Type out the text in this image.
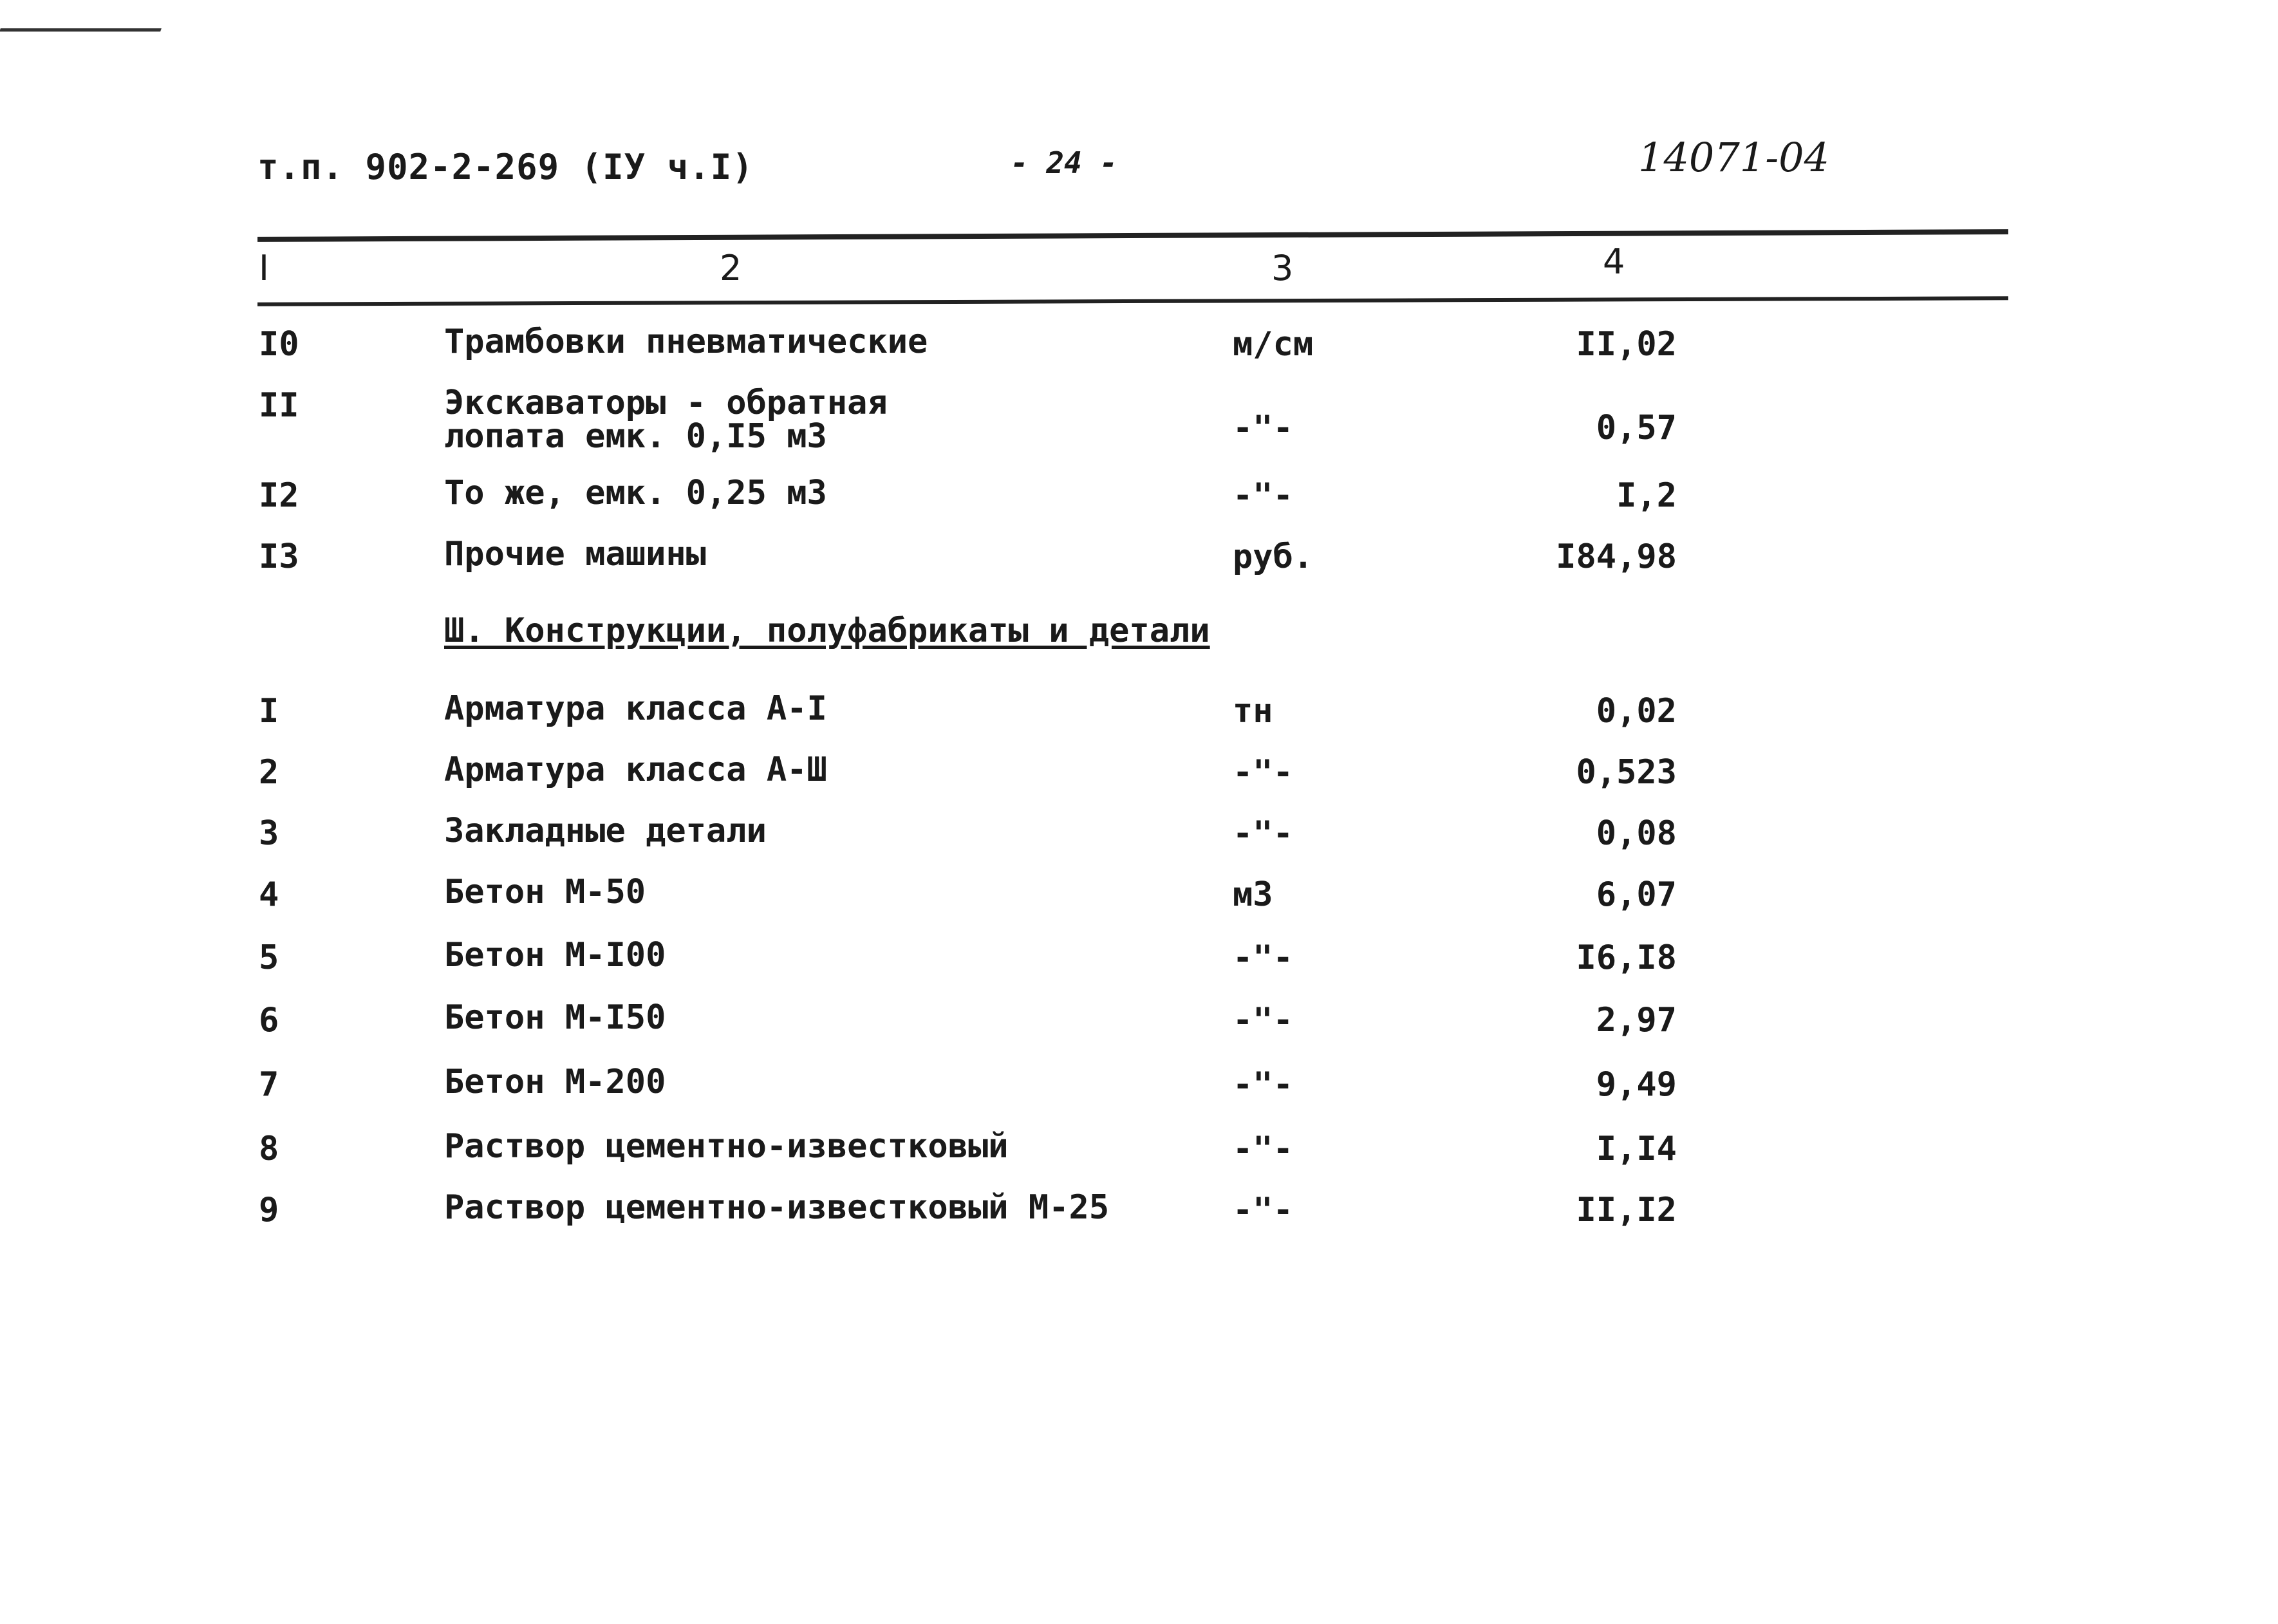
т.п. 902-2-269 (IУ ч.I)	- 24 -	14071-04
I	2	3	4
I0	Трамбовки пневматические	м/см	II,02
II	Экскаваторы - обратная лопата емк. 0,I5 м3	-"-	0,57
I2	То же, емк. 0,25 м3	-"-	I,2
I3	Прочие машины	руб.	I84,98
Ш. Конструкции, полуфабрикаты и детали
I	Арматура класса А-I	тн	0,02
2	Арматура класса А-Ш	-"-	0,523
3	Закладные детали	-"-	0,08
4	Бетон М-50	м3	6,07
5	Бетон М-I00	-"-	I6,I8
6	Бетон М-I50	-"-	2,97
7	Бетон М-200	-"-	9,49
8	Раствор цементно-известковый	-"-	I,I4
9	Раствор цементно-известковый М-25	-"-	II,I2
